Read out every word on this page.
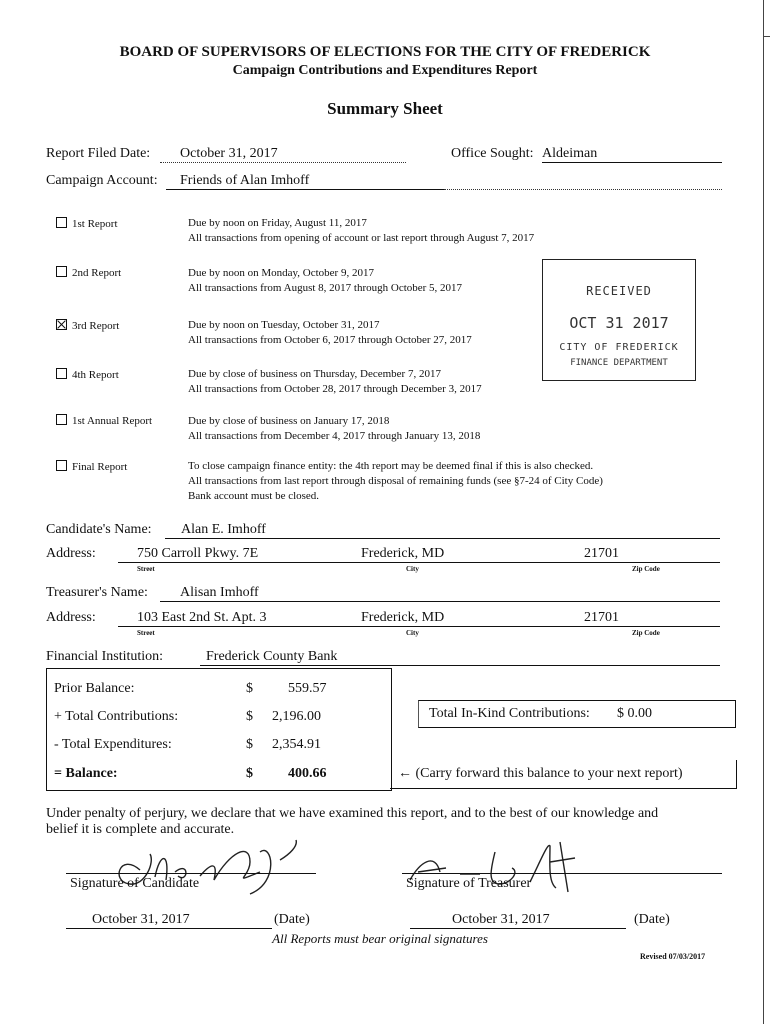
BOARD OF SUPERVISORS OF ELECTIONS FOR THE CITY OF FREDERICK
Campaign Contributions and Expenditures Report
Summary Sheet
Report Filed Date:	October 31, 2017	Office Sought: Aldeiman
Campaign Account:	Friends of Alan Imhoff
1st Report	Due by noon on Friday, August 11, 2017
All transactions from opening of account or last report through August 7, 2017
2nd Report	Due by noon on Monday, October 9, 2017
All transactions from August 8, 2017 through October 5, 2017
3rd Report	Due by noon on Tuesday, October 31, 2017
All transactions from October 6, 2017 through October 27, 2017
4th Report	Due by close of business on Thursday, December 7, 2017
All transactions from October 28, 2017 through December 3, 2017
1st Annual Report	Due by close of business on January 17, 2018
All transactions from December 4, 2017 through January 13, 2018
Final Report	To close campaign finance entity: the 4th report may be deemed final if this is also checked.
All transactions from last report through disposal of remaining funds (see §7-24 of City Code)
Bank account must be closed.
RECEIVED
OCT 31 2017
CITY OF FREDERICK
FINANCE DEPARTMENT
Candidate's Name:	Alan E. Imhoff
Address:	750 Carroll Pkwy. 7E	Frederick, MD	21701
Street	City	Zip Code
Treasurer's Name:	Alisan Imhoff
Address:	103 East 2nd St. Apt. 3	Frederick, MD	21701
Street	City	Zip Code
Financial Institution:	Frederick County Bank
Prior Balance:	$	559.57
+ Total Contributions:	$ 2,196.00
- Total Expenditures:	$ 2,354.91
= Balance:	$	400.66
Total In-Kind Contributions: $ 0.00
← (Carry forward this balance to your next report)
Under penalty of perjury, we declare that we have examined this report, and to the best of our knowledge and
belief it is complete and accurate.
Signature of Candidate	Signature of Treasurer
October 31, 2017	(Date)	October 31, 2017	(Date)
All Reports must bear original signatures
Revised 07/03/2017
